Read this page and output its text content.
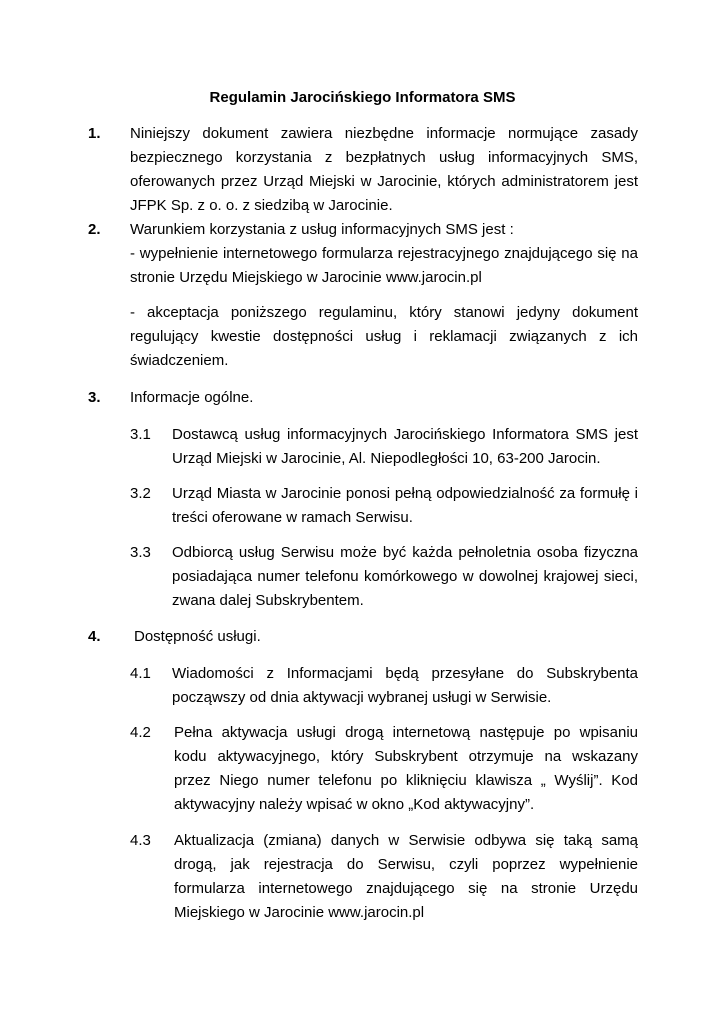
Regulamin Jarocińskiego Informatora SMS
1. Niniejszy dokument zawiera niezbędne informacje normujące zasady bezpiecznego korzystania z bezpłatnych usług informacyjnych SMS, oferowanych przez Urząd Miejski w Jarocinie, których administratorem jest JFPK Sp. z o. o. z siedzibą w Jarocinie.

2. Warunkiem korzystania z usług informacyjnych SMS jest :

- wypełnienie internetowego formularza rejestracyjnego znajdującego się na stronie Urzędu Miejskiego w Jarocinie www.jarocin.pl

- akceptacja poniższego regulaminu, który stanowi jedyny dokument regulujący kwestie dostępności usług i reklamacji związanych z ich świadczeniem.

3. Informacje ogólne.

3.1 Dostawcą usług informacyjnych Jarocińskiego Informatora SMS jest Urząd Miejski w Jarocinie, Al. Niepodległości 10, 63-200 Jarocin.

3.2 Urząd Miasta w Jarocinie ponosi pełną odpowiedzialność za formułę i treści oferowane w ramach Serwisu.

3.3 Odbiorcą usług Serwisu może być każda pełnoletnia osoba fizyczna posiadająca numer telefonu komórkowego w dowolnej krajowej sieci, zwana dalej Subskrybentem.

4. Dostępność usługi.

4.1 Wiadomości z Informacjami będą przesyłane do Subskrybenta począwszy od dnia aktywacji wybranej usługi w Serwisie.

4.2 Pełna aktywacja usługi drogą internetową następuje po wpisaniu kodu aktywacyjnego, który Subskrybent otrzymuje na wskazany przez Niego numer telefonu po kliknięciu klawisza „ Wyślij”. Kod aktywacyjny należy wpisać w okno „Kod aktywacyjny”.

4.3 Aktualizacja (zmiana) danych w Serwisie odbywa się taką samą drogą, jak rejestracja do Serwisu, czyli poprzez wypełnienie formularza internetowego znajdującego się na stronie Urzędu Miejskiego w Jarocinie www.jarocin.pl
